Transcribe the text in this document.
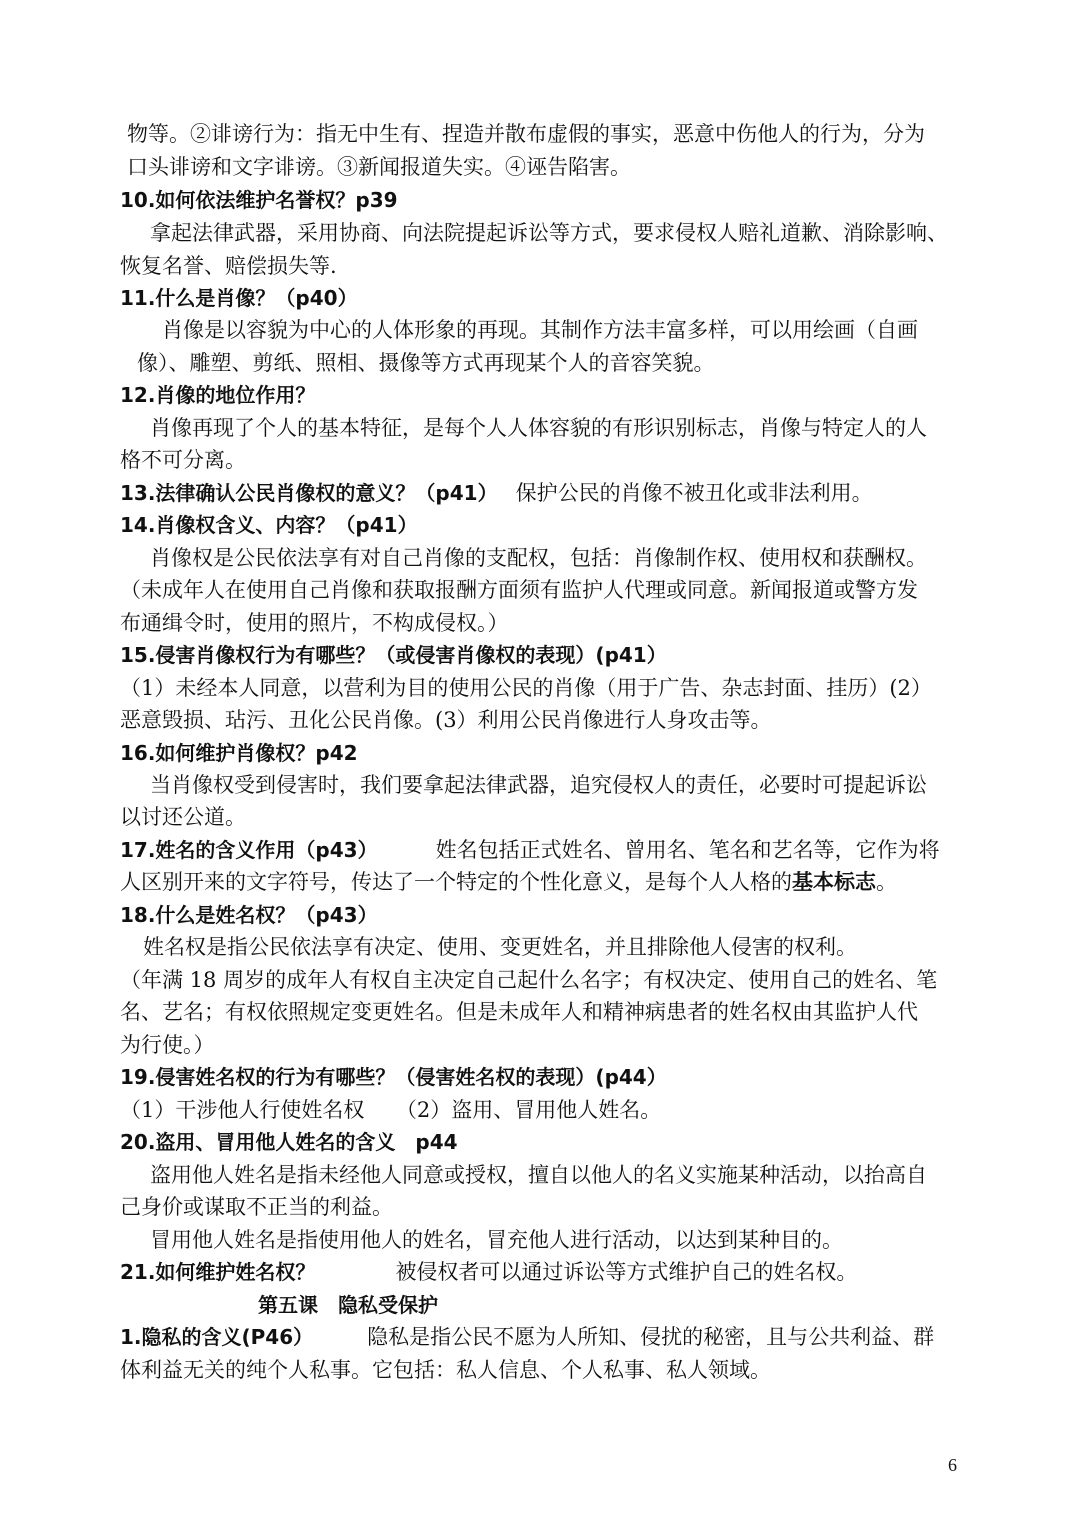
物等。②诽谤行为：指无中生有、捏造并散布虚假的事实，恶意中伤他人的行为，分为
口头诽谤和文字诽谤。③新闻报道失实。④诬告陷害。
10.如何依法维护名誉权？p39
拿起法律武器，采用协商、向法院提起诉讼等方式，要求侵权人赔礼道歉、消除影响、
恢复名誉、赔偿损失等.
11.什么是肖像？（p40）
肖像是以容貌为中心的人体形象的再现。其制作方法丰富多样，可以用绘画（自画
像）、雕塑、剪纸、照相、摄像等方式再现某个人的音容笑貌。
12.肖像的地位作用？
肖像再现了个人的基本特征，是每个人人体容貌的有形识别标志，肖像与特定人的人
格不可分离。
13.法律确认公民肖像权的意义？（p41） 保护公民的肖像不被丑化或非法利用。
14.肖像权含义、内容？（p41）
肖像权是公民依法享有对自己肖像的支配权，包括：肖像制作权、使用权和获酬权。
（未成年人在使用自己肖像和获取报酬方面须有监护人代理或同意。新闻报道或警方发
布通缉令时，使用的照片，不构成侵权。）
15.侵害肖像权行为有哪些？（或侵害肖像权的表现）(p41）
（1）未经本人同意，以营利为目的使用公民的肖像（用于广告、杂志封面、挂历）(2）
恶意毁损、玷污、丑化公民肖像。(3）利用公民肖像进行人身攻击等。
16.如何维护肖像权？p42
当肖像权受到侵害时，我们要拿起法律武器，追究侵权人的责任，必要时可提起诉讼
以讨还公道。
17.姓名的含义作用（p43）	姓名包括正式姓名、曾用名、笔名和艺名等，它作为将
人区别开来的文字符号，传达了一个特定的个性化意义，是每个人人格的基本标志。
18.什么是姓名权？（p43）
姓名权是指公民依法享有决定、使用、变更姓名，并且排除他人侵害的权利。
（年满 18 周岁的成年人有权自主决定自己起什么名字；有权决定、使用自己的姓名、笔
名、艺名；有权依照规定变更姓名。但是未成年人和精神病患者的姓名权由其监护人代
为行使。）
19.侵害姓名权的行为有哪些？（侵害姓名权的表现）(p44）
（1）干涉他人行使姓名权　　（2）盗用、冒用他人姓名。
20.盗用、冒用他人姓名的含义　p44
盗用他人姓名是指未经他人同意或授权，擅自以他人的名义实施某种活动，以抬高自
己身价或谋取不正当的利益。
冒用他人姓名是指使用他人的姓名，冒充他人进行活动，以达到某种目的。
21.如何维护姓名权？	被侵权者可以通过诉讼等方式维护自己的姓名权。
第五课　隐私受保护
1.隐私的含义(P46）	隐私是指公民不愿为人所知、侵扰的秘密，且与公共利益、群
体利益无关的纯个人私事。它包括：私人信息、个人私事、私人领域。
6
